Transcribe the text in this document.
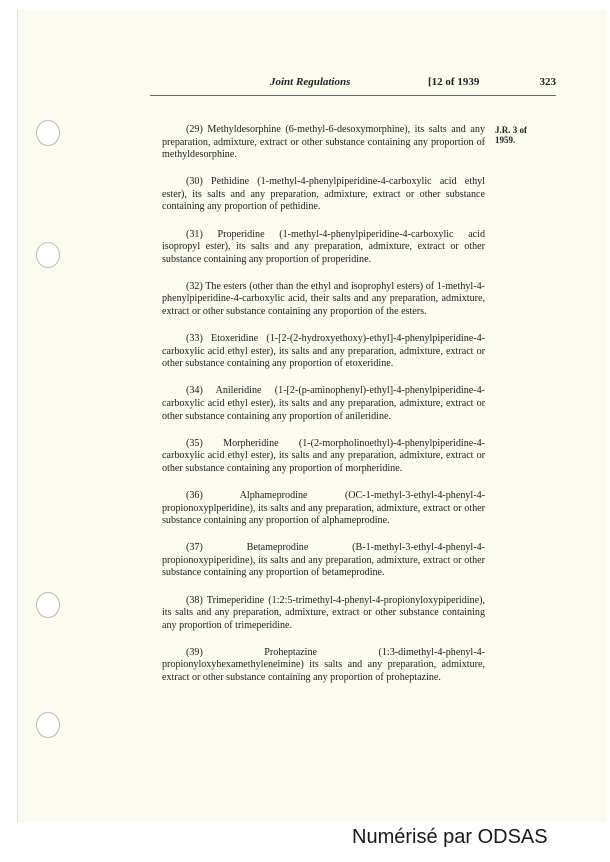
Joint Regulations	[12 of 1939	323
J.R. 3 of 1959.

(29) Methyldesorphine (6-methyl-6-desoxymorphine), its salts and any preparation, admixture, extract or other substance containing any proportion of methyldesorphine.

(30) Pethidine (1-methyl-4-phenylpiperidine-4-carboxylic acid ethyl ester), its salts and any preparation, admixture, extract or other substance containing any proportion of pethidine.

(31) Properidine (1-methyl-4-phenylpiperidine-4-carboxylic acid isopropyl ester), its salts and any preparation, admixture, extract or other substance containing any proportion of properidine.

(32) The esters (other than the ethyl and isoprophyl esters) of 1-methyl-4-phenylpiperidine-4-carboxylic acid, their salts and any preparation, admixture, extract or other substance containing any proportion of the esters.

(33) Etoxeridine (1-[2-(2-hydroxyethoxy)-ethyl]-4-phenylpiperidine-4-carboxylic acid ethyl ester), its salts and any preparation, admixture, extract or other substance containing any proportion of etoxeridine.

(34) Anileridine (1-[2-(p-aminophenyl)-ethyl]-4-phenylpiperidine-4-carboxylic acid ethyl ester), its salts and any preparation, admixture, extract or other substance containing any proportion of anileridine.

(35) Morpheridine (1-(2-morpholinoethyl)-4-phenylpiperidine-4-carboxylic acid ethyl ester), its salts and any preparation, admixture, extract or other substance containing any proportion of morpheridine.

(36) Alphameprodine (OC-1-methyl-3-ethyl-4-phenyl-4-propionoxyplperidine), its salts and any preparation, admixture, extract or other substance containing any proportion of alphameprodine.

(37) Betameprodine (B-1-methyl-3-ethyl-4-phenyl-4-propionoxypiperidine), its salts and any preparation, admixture, extract or other substance containing any proportion of betameprodine.

(38) Trimeperidine (1:2:5-trimethyl-4-phenyl-4-propionyloxypiperidine), its salts and any preparation, admixture, extract or other substance containing any proportion of trimeperidine.

(39) Proheptazine (1:3-dimethyl-4-phenyl-4-propionyloxyhexamethyleneimine) its salts and any preparation, admixture, extract or other substance containing any proportion of proheptazine.

Numérisé par ODSAS
